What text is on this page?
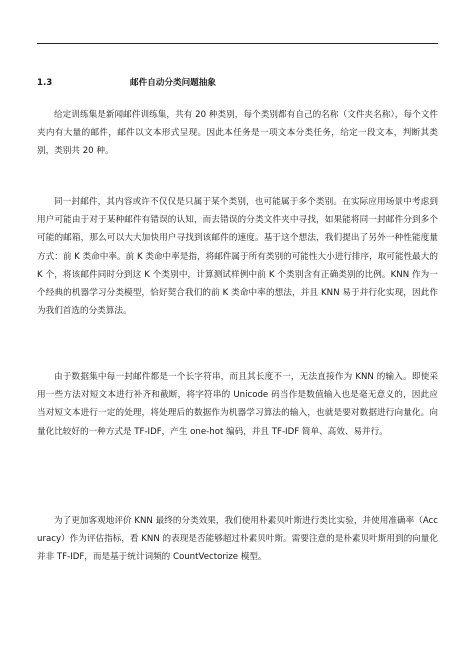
1.3	邮件自动分类问题抽象

给定训练集是新闻邮件训练集，共有 20 种类别，每个类别都有自己的名称（文件夹名称），每个文件夹内有大量的邮件，邮件以文本形式呈现。因此本任务是一项文本分类任务，给定一段文本，判断其类别，类别共 20 种。

同一封邮件，其内容或许不仅仅是只属于某个类别，也可能属于多个类别。在实际应用场景中考虑到用户可能由于对于某种邮件有错误的认知，而去错误的分类文件夹中寻找，如果能将同一封邮件分到多个可能的邮箱，那么可以大大加快用户寻找到该邮件的速度。基于这个想法，我们提出了另外一种性能度量方式：前 K 类命中率。前 K 类命中率是指，将邮件属于所有类别的可能性大小进行排序，取可能性最大的 K 个，将该邮件同时分到这 K 个类别中，计算测试样例中前 K 个类别含有正确类别的比例。KNN 作为一个经典的机器学习分类模型，恰好契合我们的前 K 类命中率的想法，并且 KNN 易于并行化实现，因此作为我们首选的分类算法。

由于数据集中每一封邮件都是一个长字符串，而且其长度不一，无法直接作为 KNN 的输入。即使采用一些方法对短文本进行补齐和截断，将字符串的 Unicode 码当作是数值输入也是毫无意义的，因此应当对短文本进行一定的处理，将处理后的数据作为机器学习算法的输入，也就是要对数据进行向量化。向量化比较好的一种方式是 TF-IDF，产生 one-hot 编码，并且 TF-IDF 简单、高效、易并行。

为了更加客观地评价 KNN 最终的分类效果，我们使用朴素贝叶斯进行类比实验，并使用准确率（Accuracy）作为评估指标，看 KNN 的表现是否能够超过朴素贝叶斯。需要注意的是朴素贝叶斯用到的向量化并非 TF-IDF，而是基于统计词频的 CountVectorize 模型。
